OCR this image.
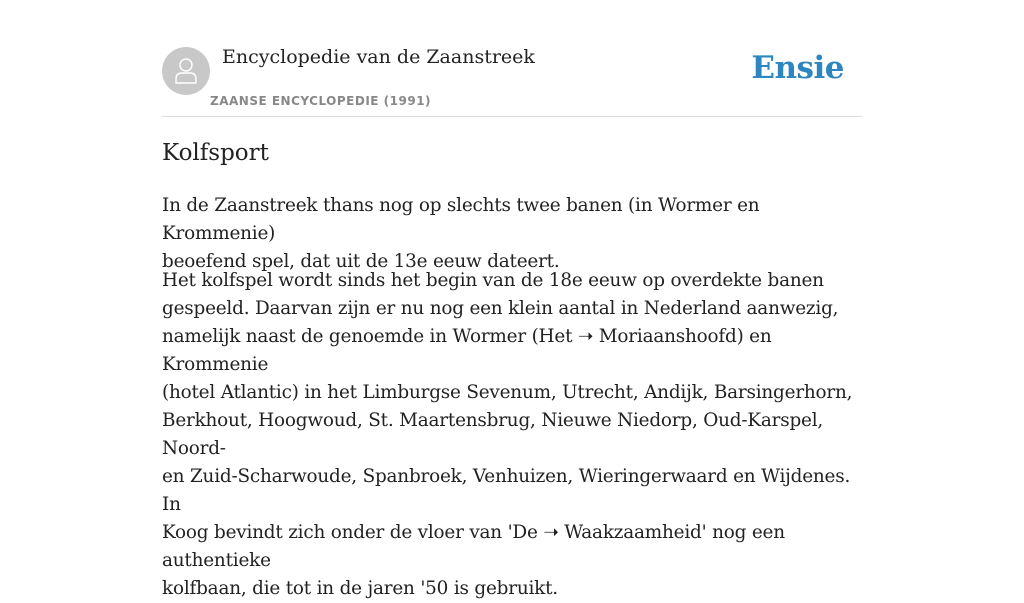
Encyclopedie van de Zaanstreek
ZAANSE ENCYCLOPEDIE (1991)
Ensie
Kolfsport

In de Zaanstreek thans nog op slechts twee banen (in Wormer en Krommenie)
beoefend spel, dat uit de 13e eeuw dateert.

Het kolfspel wordt sinds het begin van de 18e eeuw op overdekte banen
gespeeld. Daarvan zijn er nu nog een klein aantal in Nederland aanwezig,
namelijk naast de genoemde in Wormer (Het ➝ Moriaanshoofd) en Krommenie
(hotel Atlantic) in het Limburgse Sevenum, Utrecht, Andijk, Barsingerhorn,
Berkhout, Hoogwoud, St. Maartensbrug, Nieuwe Niedorp, Oud-Karspel, Noord-
en Zuid-Scharwoude, Spanbroek, Venhuizen, Wieringerwaard en Wijdenes. In
Koog bevindt zich onder de vloer van 'De ➝ Waakzaamheid' nog een authentieke
kolfbaan, die tot in de jaren '50 is gebruikt.
